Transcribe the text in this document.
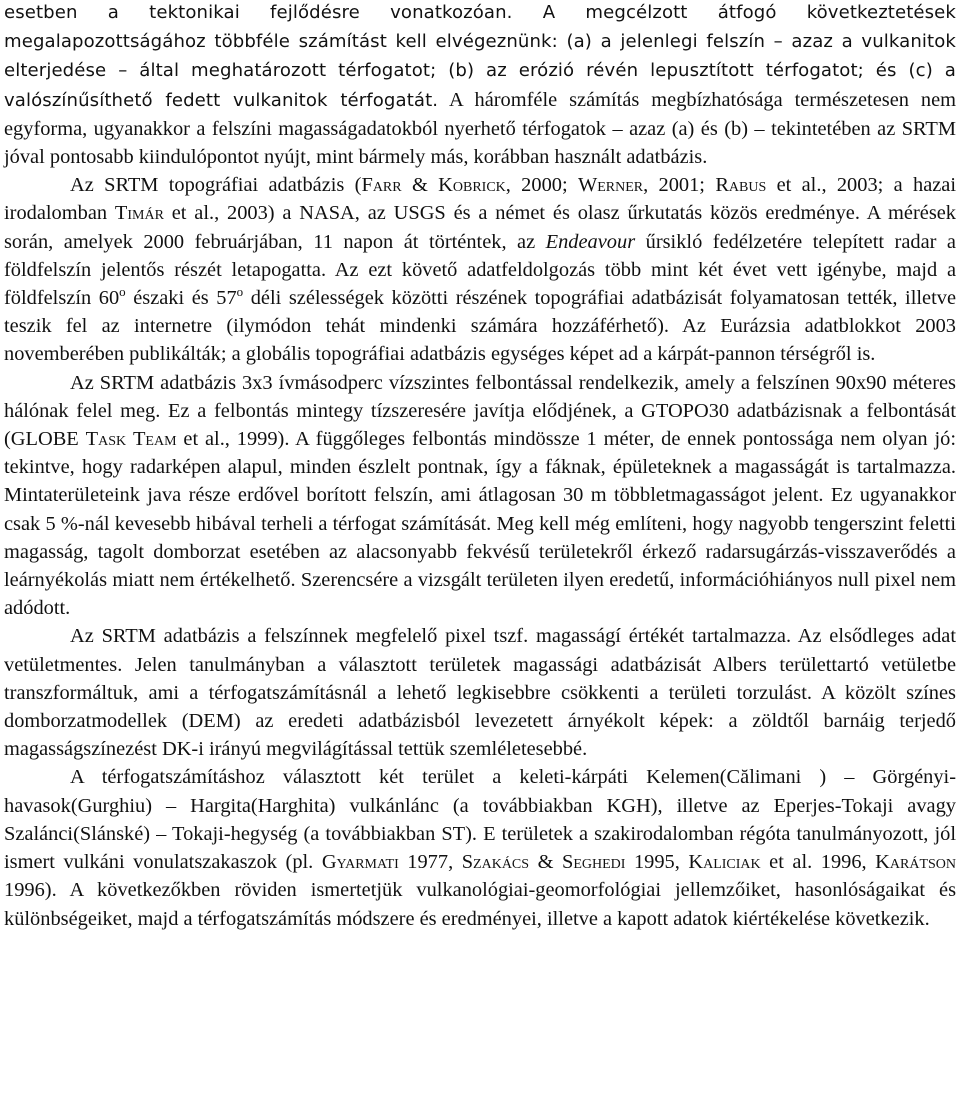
esetben a tektonikai fejlődésre vonatkozóan. A megcélzott átfogó következtetések megalapozottságához többféle számítást kell elvégeznünk: (a) a jelenlegi felszín – azaz a vulkanitok elterjedése – által meghatározott térfogatot; (b) az erózió révén lepusztított térfogatot; és (c) a valószínűsíthető fedett vulkanitok térfogatát. A háromféle számítás megbízhatósága természetesen nem egyforma, ugyanakkor a felszíni magasságadatokból nyerhető térfogatok – azaz (a) és (b) – tekintetében az SRTM jóval pontosabb kiindulópontot nyújt, mint bármely más, korábban használt adatbázis.

Az SRTM topográfiai adatbázis (Farr & Kobrick, 2000; Werner, 2001; Rabus et al., 2003; a hazai irodalomban Timár et al., 2003) a NASA, az USGS és a német és olasz űrkutatás közös eredménye. A mérések során, amelyek 2000 februárjában, 11 napon át történtek, az Endeavour űrsikló fedélzetére telepített radar a földfelszín jelentős részét letapogatta. Az ezt követő adatfeldolgozás több mint két évet vett igénybe, majd a földfelszín 60$^o$ északi és 57$^o$ déli szélességek közötti részének topográfiai adatbázisát folyamatosan tették, illetve teszik fel az internetre (ilymódon tehát mindenki számára hozzáférhető). Az Eurázsia adatblokkot 2003 novemberében publikálták; a globális topográfiai adatbázis egységes képet ad a kárpát-pannon térségről is.

Az SRTM adatbázis 3x3 ívmásodperc vízszintes felbontással rendelkezik, amely a felszínen 90x90 méteres hálónak felel meg. Ez a felbontás mintegy tízszeresére javítja elődjének, a GTOPO30 adatbázisnak a felbontását (GLOBE Task Team et al., 1999). A függőleges felbontás mindössze 1 méter, de ennek pontossága nem olyan jó: tekintve, hogy radarképen alapul, minden észlelt pontnak, így a fáknak, épületeknek a magasságát is tartalmazza. Mintaterületeink java része erdővel borított felszín, ami átlagosan 30 m többletmagasságot jelent. Ez ugyanakkor csak 5 %-nál kevesebb hibával terheli a térfogat számítását. Meg kell még említeni, hogy nagyobb tengerszint feletti magasság, tagolt domborzat esetében az alacsonyabb fekvésű területekről érkező radarsugárzás-visszaverődés a leárnyékolás miatt nem értékelhető. Szerencsére a vizsgált területen ilyen eredetű, információhiányos null pixel nem adódott.

Az SRTM adatbázis a felszínnek megfelelő pixel tszf. magasságí értékét tartalmazza. Az elsődleges adat vetületmentes. Jelen tanulmányban a választott területek magassági adatbázisát Albers területtartó vetületbe transzformáltuk, ami a térfogatszámításnál a lehető legkisebbre csökkenti a területi torzulást. A közölt színes domborzatmodellek (DEM) az eredeti adatbázisból levezetett árnyékolt képek: a zöldtől barnáig terjedő magasságszínezést DK-i irányú megvilágítással tettük szemléletesebbé.

A térfogatszámításhoz választott két terület a keleti-kárpáti Kelemen(Călimani ) – Görgényi-havasok(Gurghiu) – Hargita(Harghita) vulkánlánc (a továbbiakban KGH), illetve az Eperjes-Tokaji avagy Szalánci(Slánské) – Tokaji-hegység (a továbbiakban ST). E területek a szakirodalomban régóta tanulmányozott, jól ismert vulkáni vonulatszakaszok (pl. Gyarmati 1977, Szakács & Seghedi 1995, Kaliciak et al. 1996, Karátson 1996). A következőkben röviden ismertetjük vulkanológiai-geomorfológiai jellemzőiket, hasonlóságaikat és különbségeiket, majd a térfogatszámítás módszere és eredményei, illetve a kapott adatok kiértékelése következik.
